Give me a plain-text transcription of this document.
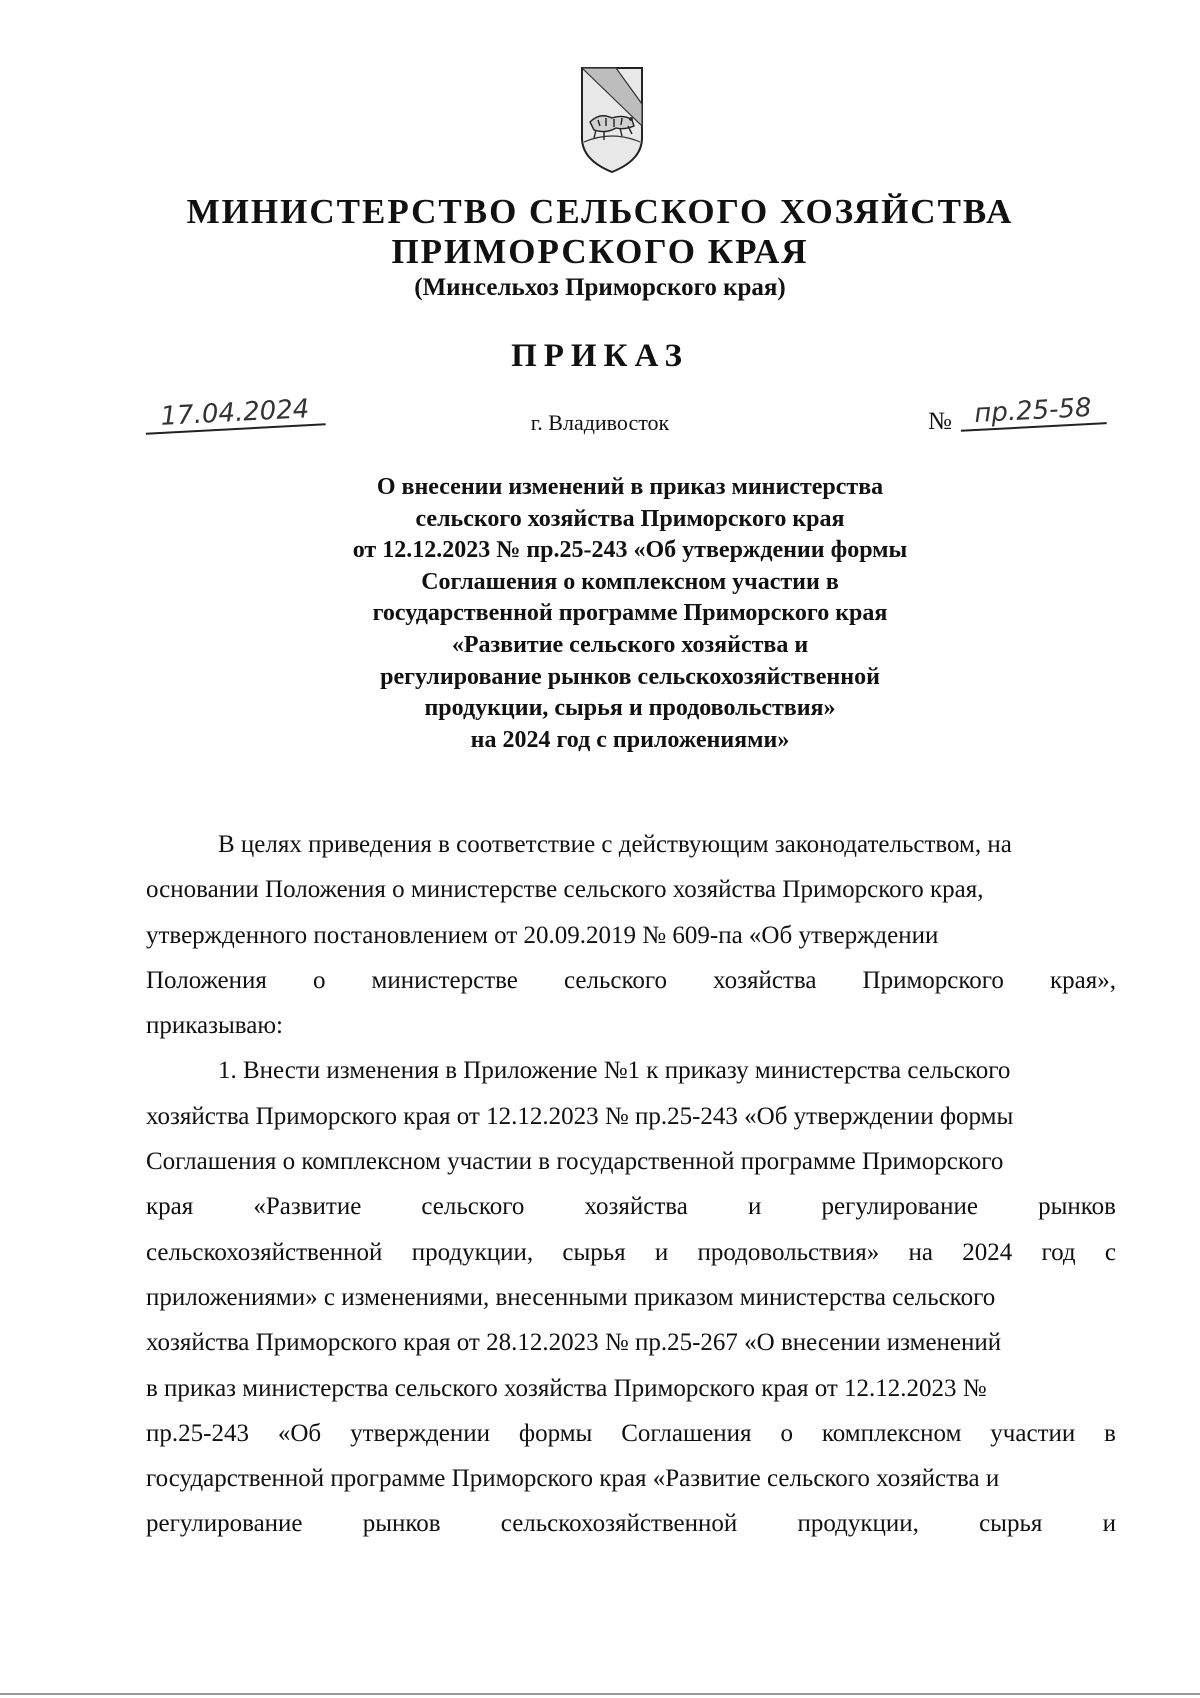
МИНИСТЕРСТВО СЕЛЬСКОГО ХОЗЯЙСТВА
ПРИМОРСКОГО КРАЯ
(Минсельхоз Приморского края)
ПРИКАЗ
17.04.2024	г. Владивосток	№ пр.25-58
О внесении изменений в приказ министерства
сельского хозяйства Приморского края
от 12.12.2023 № пр.25-243 «Об утверждении формы
Соглашения о комплексном участии в
государственной программе Приморского края
«Развитие сельского хозяйства и
регулирование рынков сельскохозяйственной
продукции, сырья и продовольствия»
на 2024 год с приложениями»
В целях приведения в соответствие с действующим законодательством, на
основании Положения о министерстве сельского хозяйства Приморского края,
утвержденного постановлением от 20.09.2019 № 609-па «Об утверждении
Положения о министерстве сельского хозяйства Приморского края»,
приказываю:
1. Внести изменения в Приложение №1 к приказу министерства сельского
хозяйства Приморского края от 12.12.2023 № пр.25-243 «Об утверждении формы
Соглашения о комплексном участии в государственной программе Приморского
края «Развитие сельского хозяйства и регулирование рынков
сельскохозяйственной продукции, сырья и продовольствия» на 2024 год с
приложениями» с изменениями, внесенными приказом министерства сельского
хозяйства Приморского края от 28.12.2023 № пр.25-267 «О внесении изменений
в приказ министерства сельского хозяйства Приморского края от 12.12.2023 №
пр.25-243 «Об утверждении формы Соглашения о комплексном участии в
государственной программе Приморского края «Развитие сельского хозяйства и
регулирование рынков сельскохозяйственной продукции, сырья и
